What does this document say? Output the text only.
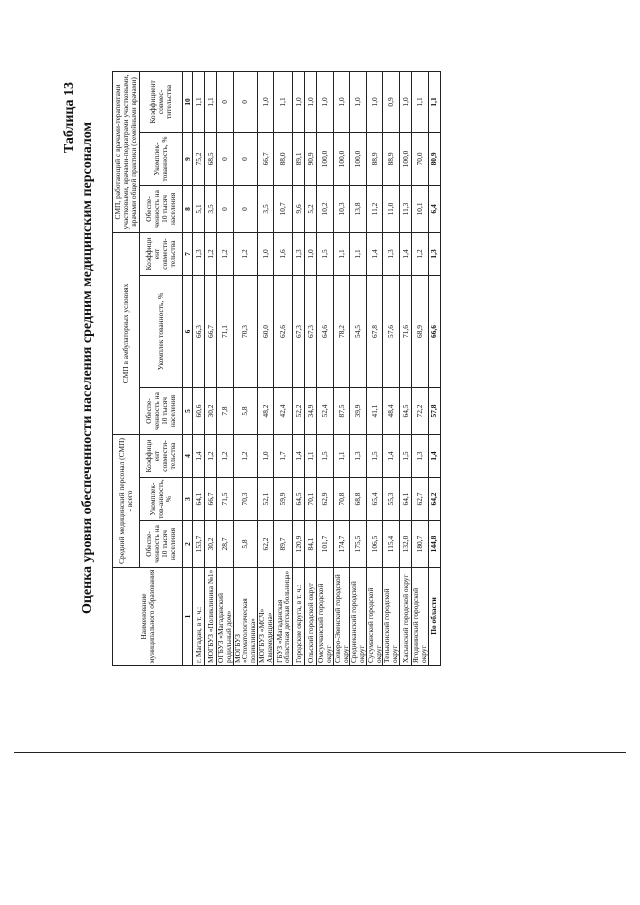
Таблица 13
Оценка уровня обеспеченности населения средним медицинским персоналом
Наименование муниципального образования	Средний медицинский персонал (СМП) - всего			СМП в амбулаторных условиях			СМП, работающий с врачами-терапевтами участковыми, врачами-педиатрами участковыми, врачами общей практики (семейными врачами)		
	Обеспе-ченность на 10 тысяч населения	Укомплек-тов-анность, %	Коэффици ент совмести-тельства	Обеспе-ченность на 10 тысяч населения	Укомплек тованность, %	Коэффици ент совмести-тельства	Обеспе-ченность на 10 тысяч населения	Укомплек-тованность, %	Коэффициент совмес-тительства
1	2	3	4	5	6	7	8	9	10
г. Магадан, в т. ч.:	153,7	64,1	1,4	60,6	66,3	1,3	5,1	75,2	1,1
МОГБУЗ «Поликлиника №1»	30,2	66,7	1,2	30,2	66,7	1,2	3,5	68,5	1,1
ОГБУЗ «Магаданский родильный дом»	28,7	71,5	1,2	7,8	71,1	1,2	0	0	0
МОГБУЗ «Стоматологическая поликлиника»	5,8	70,3	1,2	5,8	70,3	1,2	0	0	0
МОГБУЗ «МСЧ» Авиамедицина»	62,2	52,1	1,0	48,2	60,0	1,0	3,5	66,7	1,0
ГБУЗ «Магаданская областная детская больница»	89,7	59,9	1,7	42,4	62,6	1,6	10,7	88,0	1,1
Городские округа, в т. ч.:	120,9	64,5	1,4	52,2	67,3	1,3	9,6	89,1	1,0
Ольский городской округ	84,1	70,1	1,1	34,9	67,3	1,0	5,2	90,9	1,0
Омсукчанский городской округ	101,7	62,9	1,5	52,4	64,6	1,5	10,2	100,0	1,0
Северо-Эвенский городской округ	174,7	70,8	1,1	87,5	78,2	1,1	10,3	100,0	1,0
Среднеканский городской округ	175,5	68,8	1,3	39,9	54,5	1,1	13,8	100,0	1,0
Сусуманский городской округ	106,5	65,4	1,5	41,1	67,8	1,4	11,2	88,9	1,0
Тенькинский городской округ	115,4	55,3	1,4	48,4	57,6	1,3	11,0	88,9	0,9
Хасынский городской округ	132,0	64,1	1,5	64,5	71,6	1,4	11,3	100,0	1,0
Ягоднинский городской округ	180,7	62,7	1,3	72,2	68,9	1,2	10,1	70,0	1,1
По области	144,8	64,2	1,4	57,8	66,6	1,3	6,4	80,9	1,1
